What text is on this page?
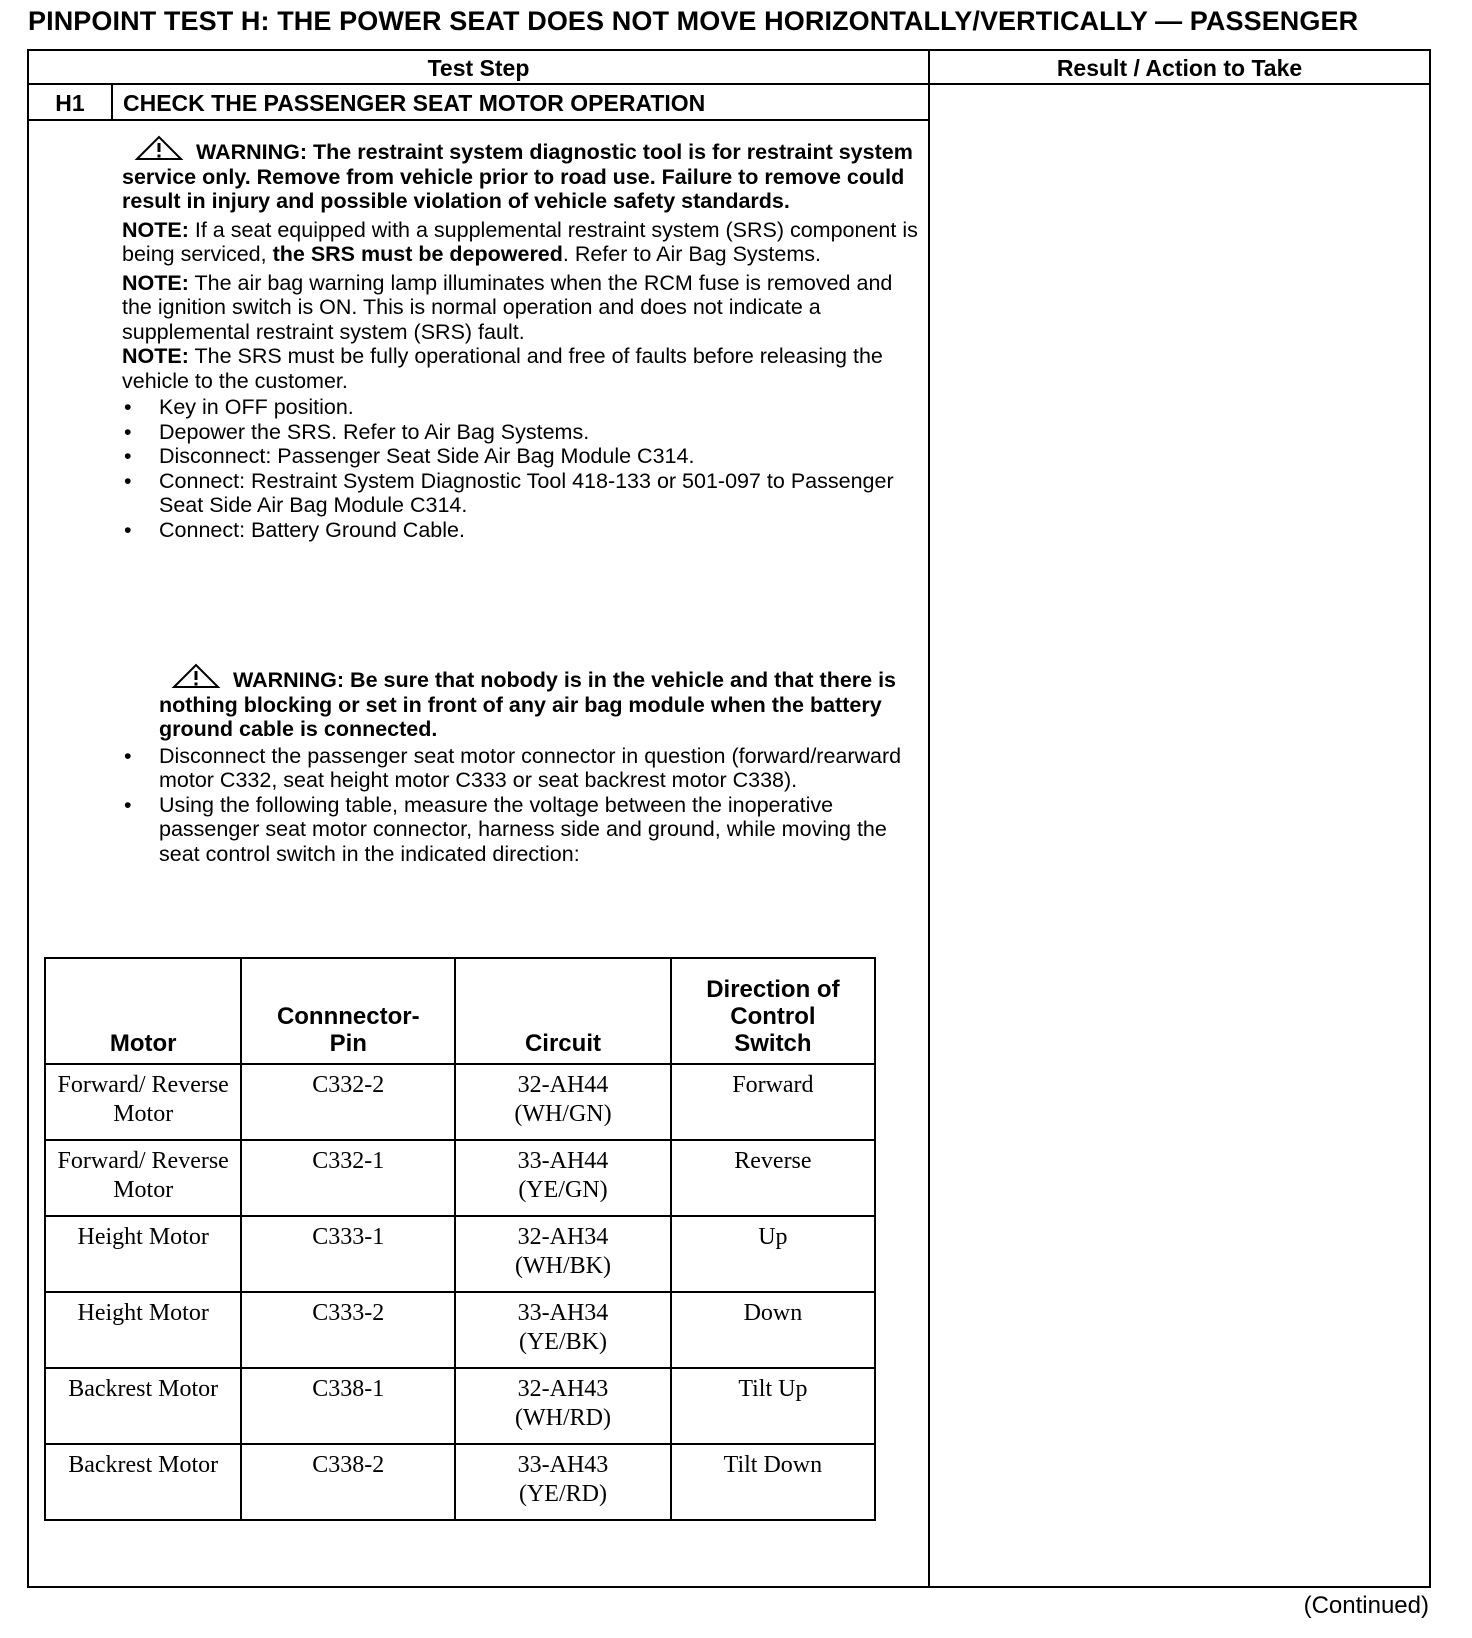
PINPOINT TEST H: THE POWER SEAT DOES NOT MOVE HORIZONTALLY/VERTICALLY — PASSENGER
Test Step	Result / Action to Take
H1	CHECK THE PASSENGER SEAT MOTOR OPERATION
WARNING: The restraint system diagnostic tool is for restraint system service only. Remove from vehicle prior to road use. Failure to remove could result in injury and possible violation of vehicle safety standards.
NOTE: If a seat equipped with a supplemental restraint system (SRS) component is being serviced, the SRS must be depowered. Refer to Air Bag Systems.
NOTE: The air bag warning lamp illuminates when the RCM fuse is removed and the ignition switch is ON. This is normal operation and does not indicate a supplemental restraint system (SRS) fault.
NOTE: The SRS must be fully operational and free of faults before releasing the vehicle to the customer.
• Key in OFF position.
• Depower the SRS. Refer to Air Bag Systems.
• Disconnect: Passenger Seat Side Air Bag Module C314.
• Connect: Restraint System Diagnostic Tool 418-133 or 501-097 to Passenger Seat Side Air Bag Module C314.
• Connect: Battery Ground Cable.
WARNING: Be sure that nobody is in the vehicle and that there is nothing blocking or set in front of any air bag module when the battery ground cable is connected.
• Disconnect the passenger seat motor connector in question (forward/rearward motor C332, seat height motor C333 or seat backrest motor C338).
• Using the following table, measure the voltage between the inoperative passenger seat motor connector, harness side and ground, while moving the seat control switch in the indicated direction:
Motor	Connnector-Pin	Circuit	Direction of Control Switch
Forward/ Reverse Motor	C332-2	32-AH44 (WH/GN)	Forward
Forward/ Reverse Motor	C332-1	33-AH44 (YE/GN)	Reverse
Height Motor	C333-1	32-AH34 (WH/BK)	Up
Height Motor	C333-2	33-AH34 (YE/BK)	Down
Backrest Motor	C338-1	32-AH43 (WH/RD)	Tilt Up
Backrest Motor	C338-2	33-AH43 (YE/RD)	Tilt Down
(Continued)
